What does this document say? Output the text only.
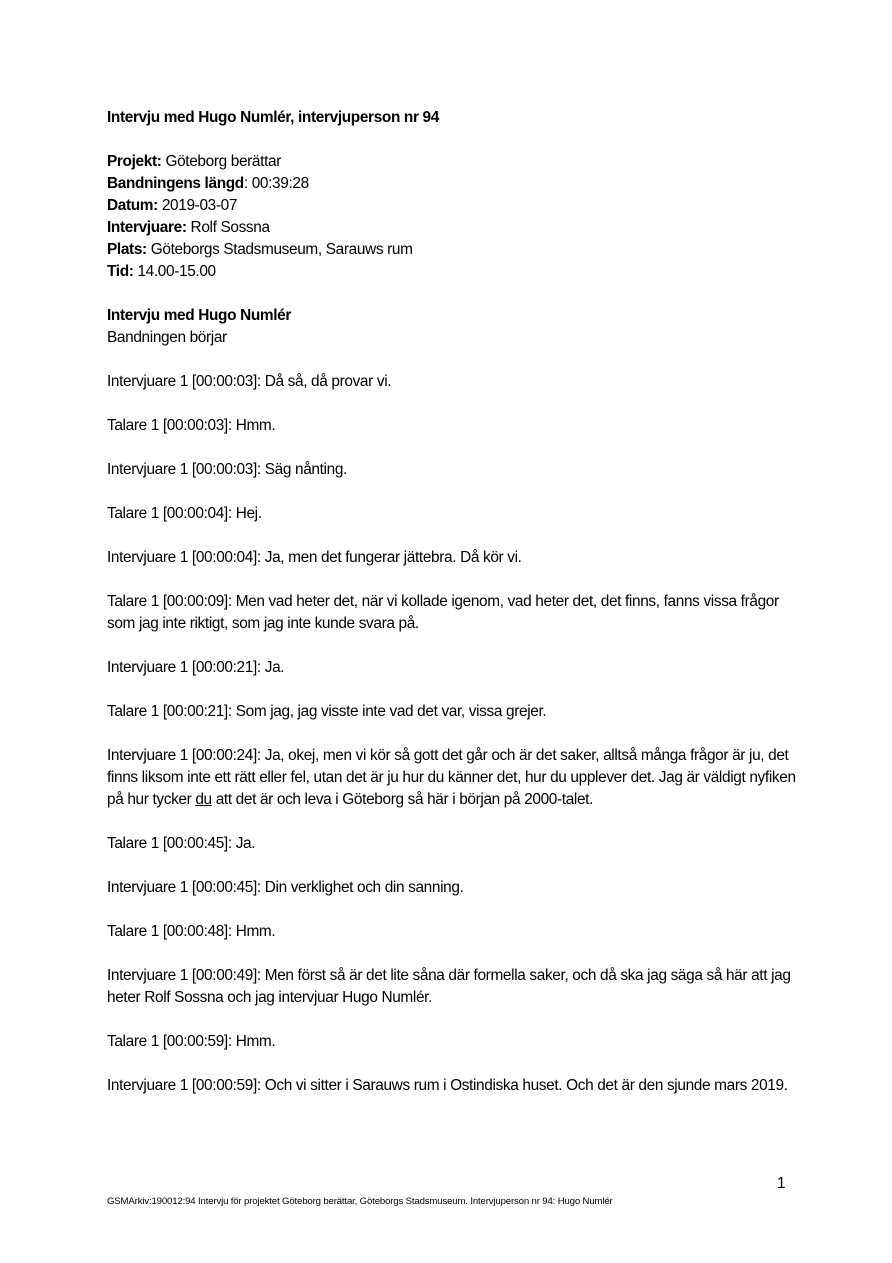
Intervju med Hugo Numlér, intervjuperson nr 94
Projekt: Göteborg berättar
Bandningens längd: 00:39:28
Datum: 2019-03-07
Intervjuare: Rolf Sossna
Plats: Göteborgs Stadsmuseum, Sarauws rum
Tid: 14.00-15.00
Intervju med Hugo Numlér
Bandningen börjar

Intervjuare 1 [00:00:03]: Då så, då provar vi.

Talare 1 [00:00:03]: Hmm.

Intervjuare 1 [00:00:03]: Säg nånting.

Talare 1 [00:00:04]: Hej.

Intervjuare 1 [00:00:04]: Ja, men det fungerar jättebra. Då kör vi.

Talare 1 [00:00:09]: Men vad heter det, när vi kollade igenom, vad heter det, det finns, fanns vissa frågor som jag inte riktigt, som jag inte kunde svara på.

Intervjuare 1 [00:00:21]: Ja.

Talare 1 [00:00:21]: Som jag, jag visste inte vad det var, vissa grejer.

Intervjuare 1 [00:00:24]: Ja, okej, men vi kör så gott det går och är det saker, alltså många frågor är ju, det finns liksom inte ett rätt eller fel, utan det är ju hur du känner det, hur du upplever det. Jag är väldigt nyfiken på hur tycker du att det är och leva i Göteborg så här i början på 2000-talet.

Talare 1 [00:00:45]: Ja.

Intervjuare 1 [00:00:45]: Din verklighet och din sanning.

Talare 1 [00:00:48]: Hmm.

Intervjuare 1 [00:00:49]: Men först så är det lite såna där formella saker, och då ska jag säga så här att jag heter Rolf Sossna och jag intervjuar Hugo Numlér.

Talare 1 [00:00:59]: Hmm.

Intervjuare 1 [00:00:59]: Och vi sitter i Sarauws rum i Ostindiska huset. Och det är den sjunde mars 2019.

1
GSMArkiv:190012:94 Intervju för projektet Göteborg berättar, Göteborgs Stadsmuseum. Intervjuperson nr 94: Hugo Numlér
